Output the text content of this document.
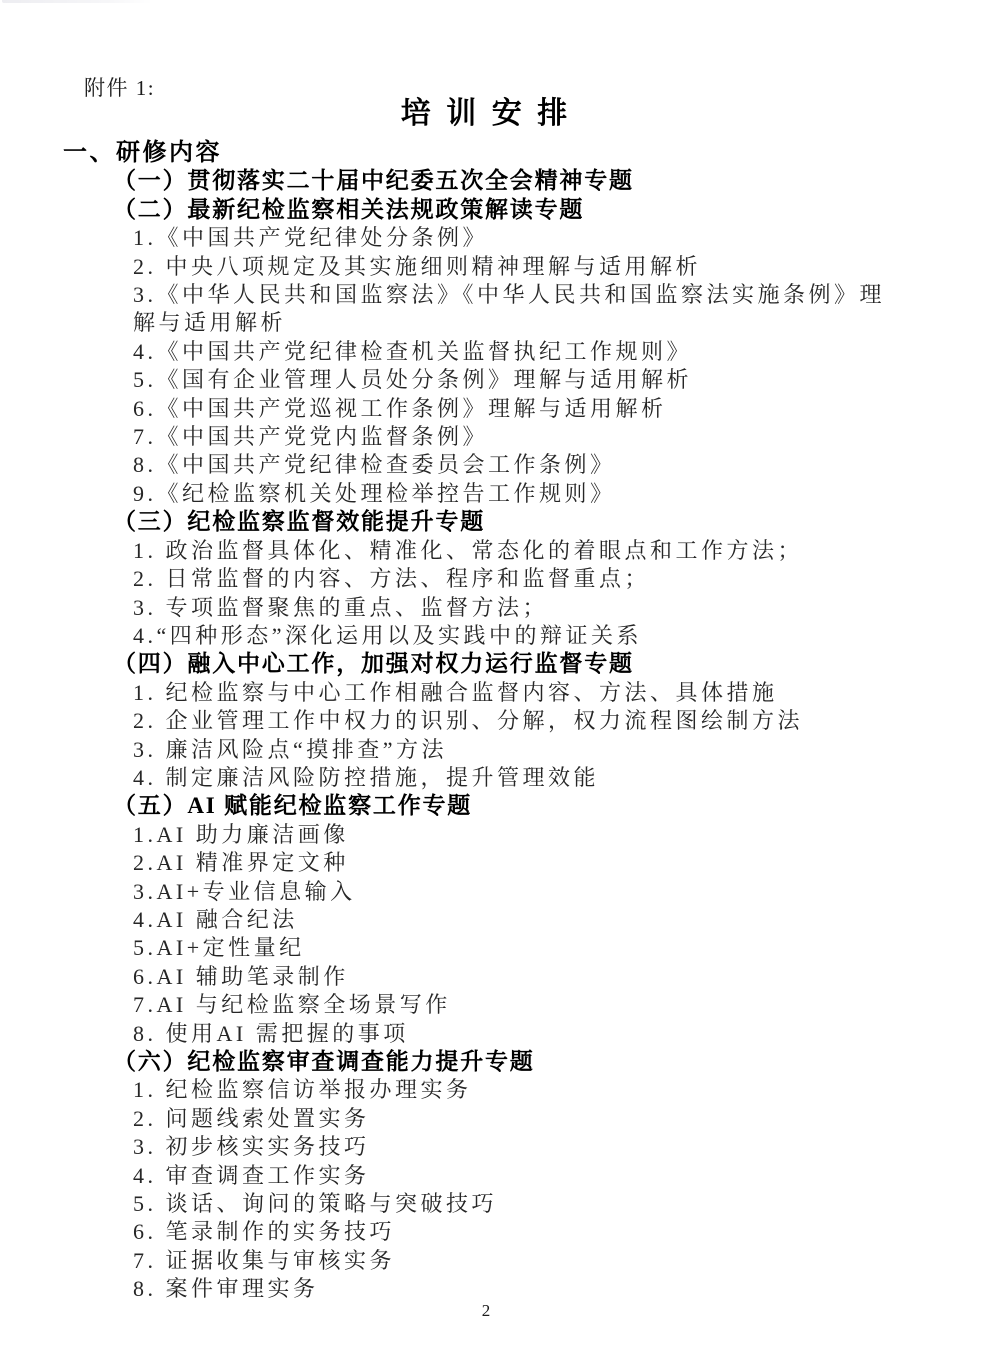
附件 1:
培 训 安 排
一、研修内容
（一）贯彻落实二十届中纪委五次全会精神专题
（二）最新纪检监察相关法规政策解读专题
1.《中国共产党纪律处分条例》
2. 中央八项规定及其实施细则精神理解与适用解析
3.《中华人民共和国监察法》《中华人民共和国监察法实施条例》理解与适用解析
4.《中国共产党纪律检查机关监督执纪工作规则》
5.《国有企业管理人员处分条例》理解与适用解析
6.《中国共产党巡视工作条例》理解与适用解析
7.《中国共产党党内监督条例》
8.《中国共产党纪律检查委员会工作条例》
9.《纪检监察机关处理检举控告工作规则》
（三）纪检监察监督效能提升专题
1. 政治监督具体化、精准化、常态化的着眼点和工作方法；
2. 日常监督的内容、方法、程序和监督重点；
3. 专项监督聚焦的重点、监督方法；
4.“四种形态”深化运用以及实践中的辩证关系
（四）融入中心工作，加强对权力运行监督专题
1. 纪检监察与中心工作相融合监督内容、方法、具体措施
2. 企业管理工作中权力的识别、分解，权力流程图绘制方法
3. 廉洁风险点“摸排查”方法
4. 制定廉洁风险防控措施，提升管理效能
（五）AI 赋能纪检监察工作专题
1.AI 助力廉洁画像
2.AI 精准界定文种
3.AI+专业信息输入
4.AI 融合纪法
5.AI+定性量纪
6.AI 辅助笔录制作
7.AI 与纪检监察全场景写作
8. 使用AI 需把握的事项
（六）纪检监察审查调查能力提升专题
1. 纪检监察信访举报办理实务
2. 问题线索处置实务
3. 初步核实实务技巧
4. 审查调查工作实务
5. 谈话、询问的策略与突破技巧
6. 笔录制作的实务技巧
7. 证据收集与审核实务
8. 案件审理实务
2
